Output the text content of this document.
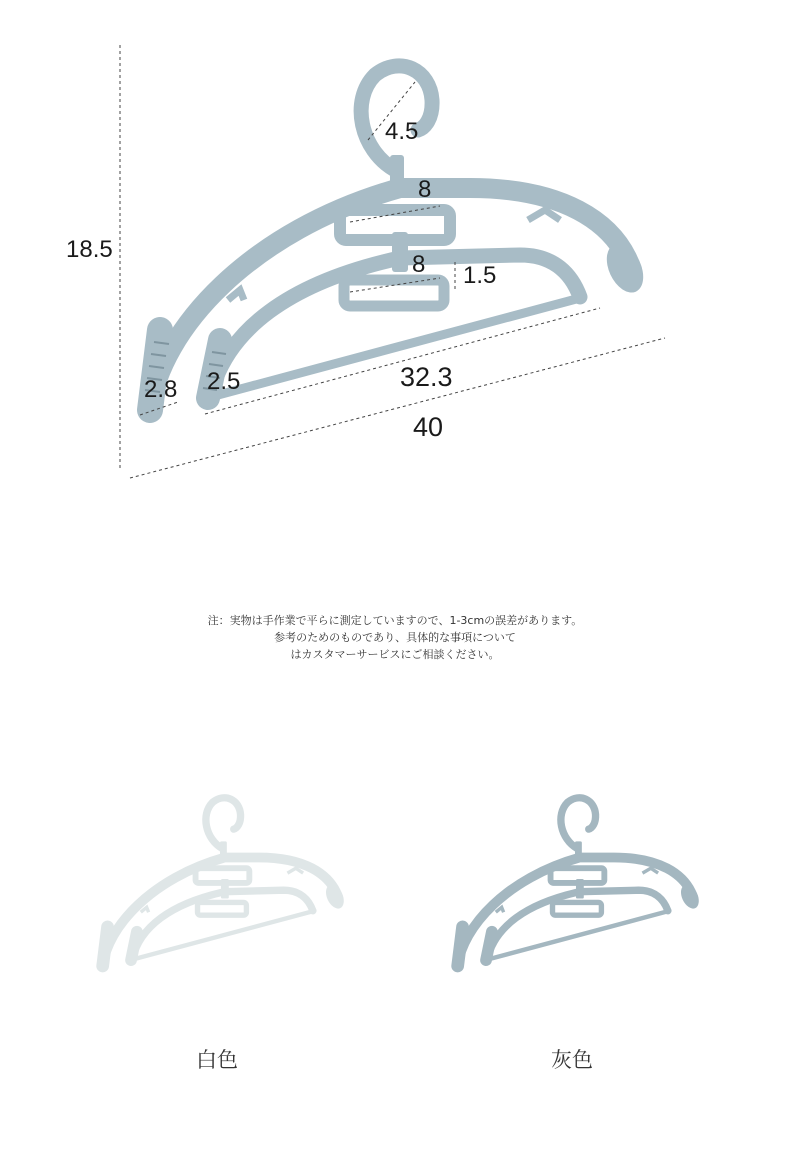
18.5
4.5
8
8 1.5
2.8 2.5	32.3
40
注：実物は手作業で平らに測定していますので、1-3cmの誤差があります。
参考のためのものであり、具体的な事項について
はカスタマーサービスにご相談ください。
白色	灰色
